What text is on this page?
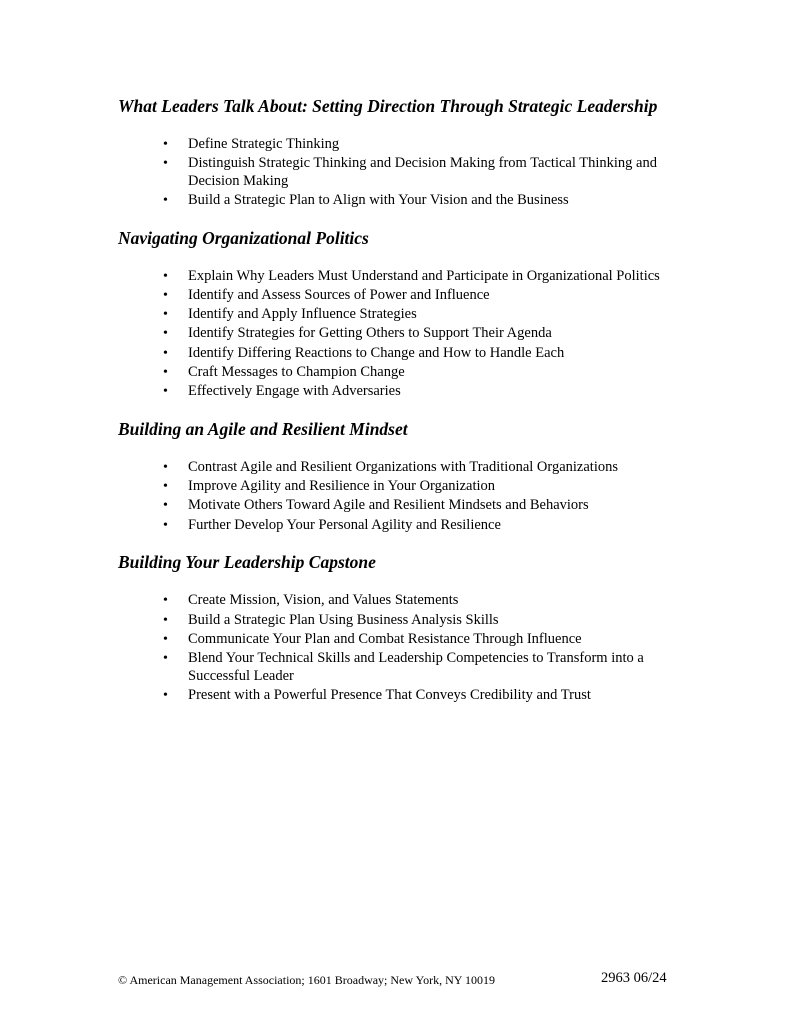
What Leaders Talk About: Setting Direction Through Strategic Leadership
• Define Strategic Thinking
• Distinguish Strategic Thinking and Decision Making from Tactical Thinking and Decision Making
• Build a Strategic Plan to Align with Your Vision and the Business
Navigating Organizational Politics
• Explain Why Leaders Must Understand and Participate in Organizational Politics
• Identify and Assess Sources of Power and Influence
• Identify and Apply Influence Strategies
• Identify Strategies for Getting Others to Support Their Agenda
• Identify Differing Reactions to Change and How to Handle Each
• Craft Messages to Champion Change
• Effectively Engage with Adversaries
Building an Agile and Resilient Mindset
• Contrast Agile and Resilient Organizations with Traditional Organizations
• Improve Agility and Resilience in Your Organization
• Motivate Others Toward Agile and Resilient Mindsets and Behaviors
• Further Develop Your Personal Agility and Resilience
Building Your Leadership Capstone
• Create Mission, Vision, and Values Statements
• Build a Strategic Plan Using Business Analysis Skills
• Communicate Your Plan and Combat Resistance Through Influence
• Blend Your Technical Skills and Leadership Competencies to Transform into a Successful Leader
• Present with a Powerful Presence That Conveys Credibility and Trust
© American Management Association; 1601 Broadway; New York, NY 10019	2963 06/24
